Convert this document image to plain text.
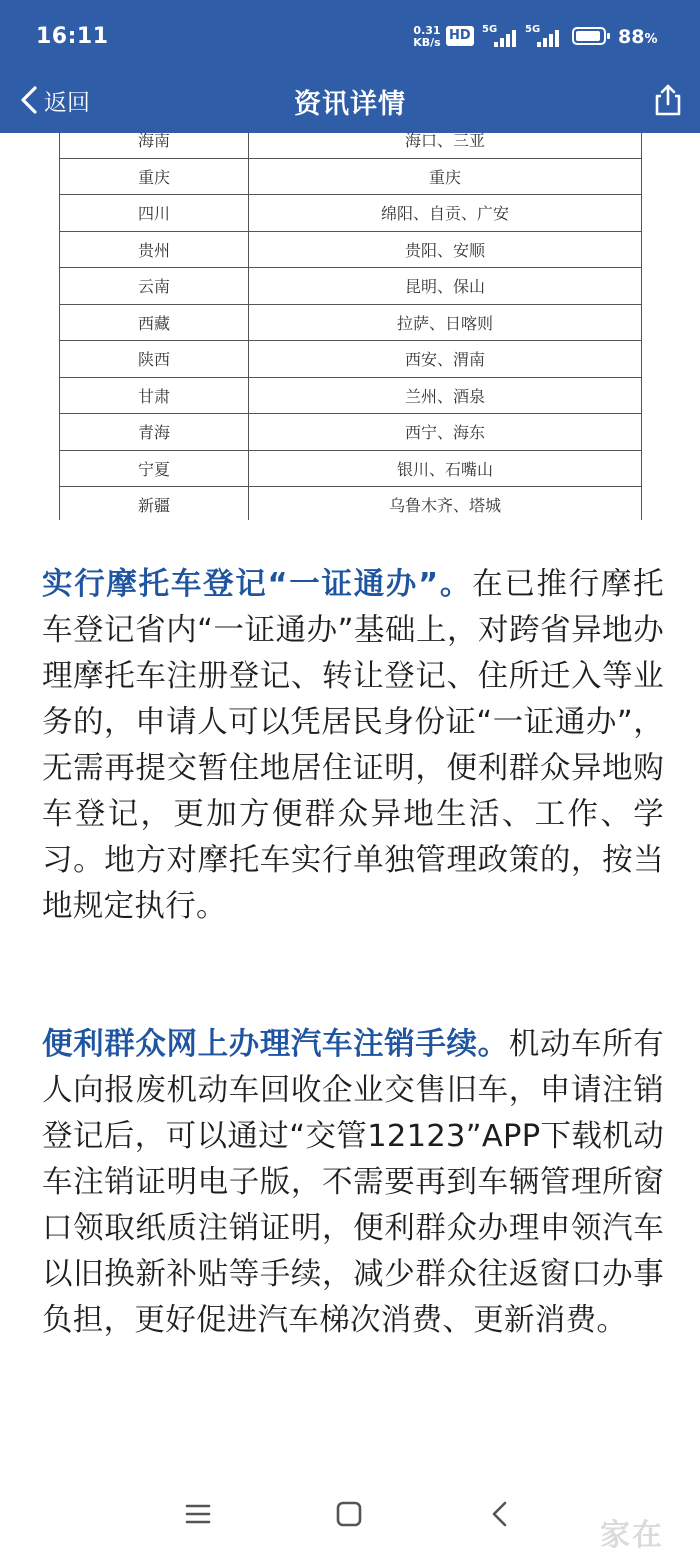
16:11	0.31
KB/s HD	5G	5G	88%
返回	资讯详情
海南	海口、三亚
重庆	重庆
四川	绵阳、自贡、广安
贵州	贵阳、安顺
云南	昆明、保山
西藏	拉萨、日喀则
陕西	西安、渭南
甘肃	兰州、酒泉
青海	西宁、海东
宁夏	银川、石嘴山
新疆	乌鲁木齐、塔城

实行摩托车登记“一证通办”。在已推行摩托车登记省内“一证通办”基础上，对跨省异地办理摩托车注册登记、转让登记、住所迁入等业务的，申请人可以凭居民身份证“一证通办”，无需再提交暂住地居住证明，便利群众异地购车登记，更加方便群众异地生活、工作、学习。地方对摩托车实行单独管理政策的，按当地规定执行。

便利群众网上办理汽车注销手续。机动车所有人向报废机动车回收企业交售旧车，申请注销登记后，可以通过“交管12123”APP下载机动车注销证明电子版，不需要再到车辆管理所窗口领取纸质注销证明，便利群众办理申领汽车以旧换新补贴等手续，减少群众往返窗口办事负担，更好促进汽车梯次消费、更新消费。

家在
